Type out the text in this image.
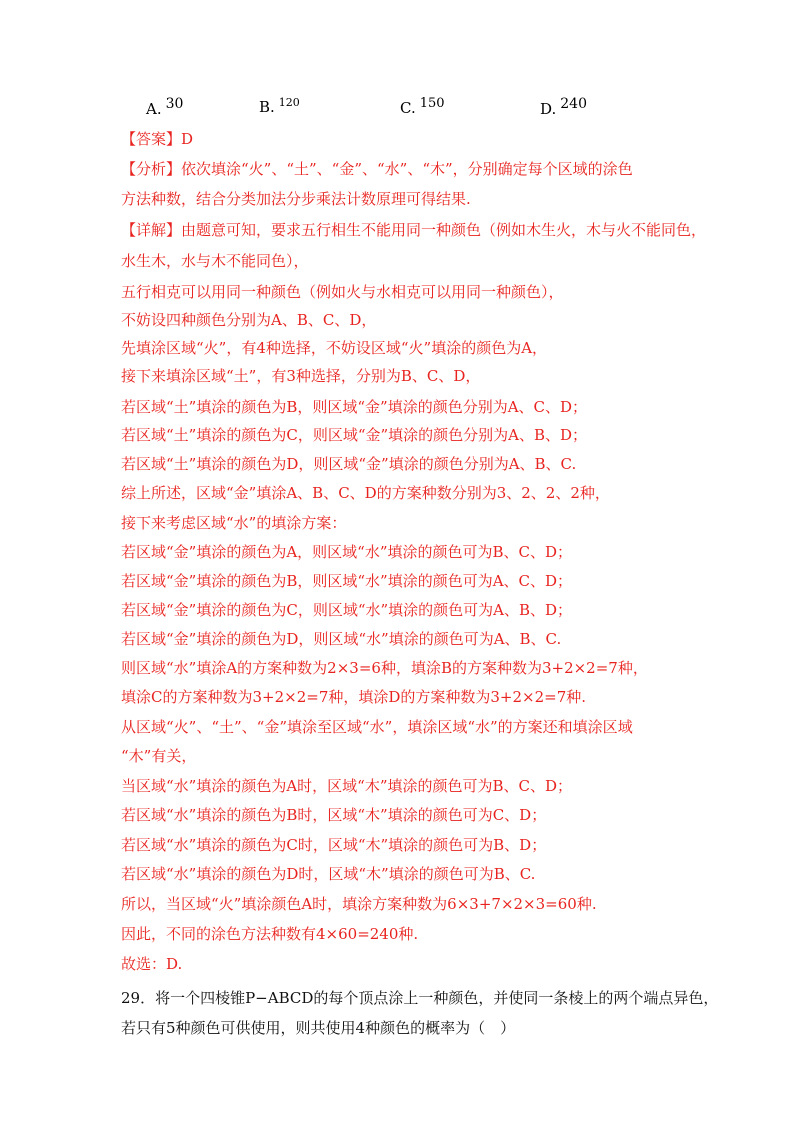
A. 30	B. $^{120}$	C. 150	D. 240
【答案】D
【分析】依次填涂“火”、“土”、“金”、“水”、“木”，分别确定每个区域的涂色
方法种数，结合分类加法分步乘法计数原理可得结果.
【详解】由题意可知，要求五行相生不能用同一种颜色（例如木生火，木与火不能同色，
水生木，水与木不能同色），
五行相克可以用同一种颜色（例如火与水相克可以用同一种颜色），
不妨设四种颜色分别为A、B、C、D，
先填涂区域“火”，有4种选择，不妨设区域“火”填涂的颜色为A，
接下来填涂区域“土”，有3种选择，分别为B、C、D，
若区域“土”填涂的颜色为B，则区域“金”填涂的颜色分别为A、C、D；
若区域“土”填涂的颜色为C，则区域“金”填涂的颜色分别为A、B、D；
若区域“土”填涂的颜色为D，则区域“金”填涂的颜色分别为A、B、C.
综上所述，区域“金”填涂A、B、C、D的方案种数分别为3、2、2、2种，
接下来考虑区域“水”的填涂方案：
若区域“金”填涂的颜色为A，则区域“水”填涂的颜色可为B、C、D；
若区域“金”填涂的颜色为B，则区域“水”填涂的颜色可为A、C、D；
若区域“金”填涂的颜色为C，则区域“水”填涂的颜色可为A、B、D；
若区域“金”填涂的颜色为D，则区域“水”填涂的颜色可为A、B、C.
则区域“水”填涂A的方案种数为2×3=6种，填涂B的方案种数为3+2×2=7种，
填涂C的方案种数为3+2×2=7种，填涂D的方案种数为3+2×2=7种.
从区域“火”、“土”、“金”填涂至区域“水”，填涂区域“水”的方案还和填涂区域
“木”有关，
当区域“水”填涂的颜色为A时，区域“木”填涂的颜色可为B、C、D；
若区域“水”填涂的颜色为B时，区域“木”填涂的颜色可为C、D；
若区域“水”填涂的颜色为C时，区域“木”填涂的颜色可为B、D；
若区域“水”填涂的颜色为D时，区域“木”填涂的颜色可为B、C.
所以，当区域“火”填涂颜色A时，填涂方案种数为6×3+7×2×3=60种.
因此，不同的涂色方法种数有4×60=240种.
故选：D.
29．将一个四棱锥P−ABCD的每个顶点涂上一种颜色，并使同一条棱上的两个端点异色，
若只有5种颜色可供使用，则共使用4种颜色的概率为（　）
